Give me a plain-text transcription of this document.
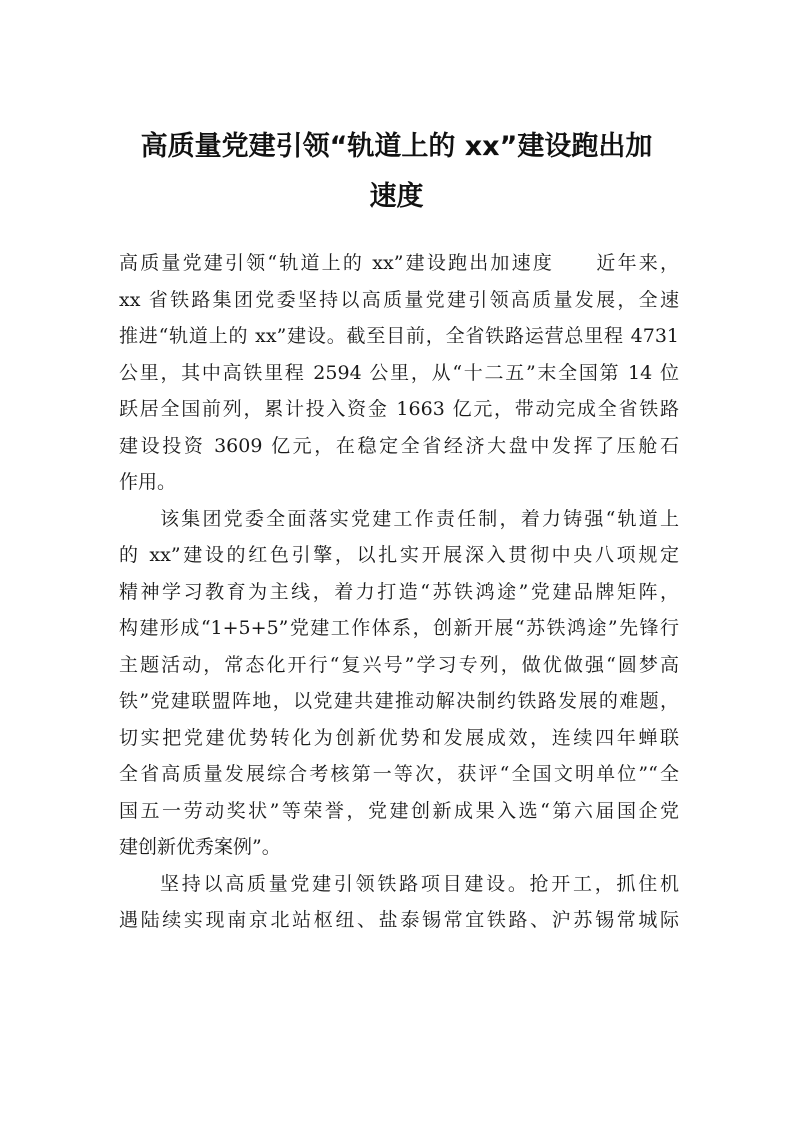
高质量党建引领“轨道上的 xx”建设跑出加
速度
高质量党建引领“轨道上的 xx”建设跑出加速度　　近年来，
xx 省铁路集团党委坚持以高质量党建引领高质量发展，全速
推进“轨道上的 xx”建设。截至目前，全省铁路运营总里程 4731
公里，其中高铁里程 2594 公里，从“十二五”末全国第 14 位
跃居全国前列，累计投入资金 1663 亿元，带动完成全省铁路
建设投资 3609 亿元，在稳定全省经济大盘中发挥了压舱石
作用。
该集团党委全面落实党建工作责任制，着力铸强“轨道上
的 xx”建设的红色引擎，以扎实开展深入贯彻中央八项规定
精神学习教育为主线，着力打造“苏铁鸿途”党建品牌矩阵，
构建形成“1+5+5”党建工作体系，创新开展“苏铁鸿途”先锋行
主题活动，常态化开行“复兴号”学习专列，做优做强“圆梦高
铁”党建联盟阵地，以党建共建推动解决制约铁路发展的难题，
切实把党建优势转化为创新优势和发展成效，连续四年蝉联
全省高质量发展综合考核第一等次，获评“全国文明单位”“全
国五一劳动奖状”等荣誉，党建创新成果入选“第六届国企党
建创新优秀案例”。
坚持以高质量党建引领铁路项目建设。抢开工，抓住机
遇陆续实现南京北站枢纽、盐泰锡常宜铁路、沪苏锡常城际
